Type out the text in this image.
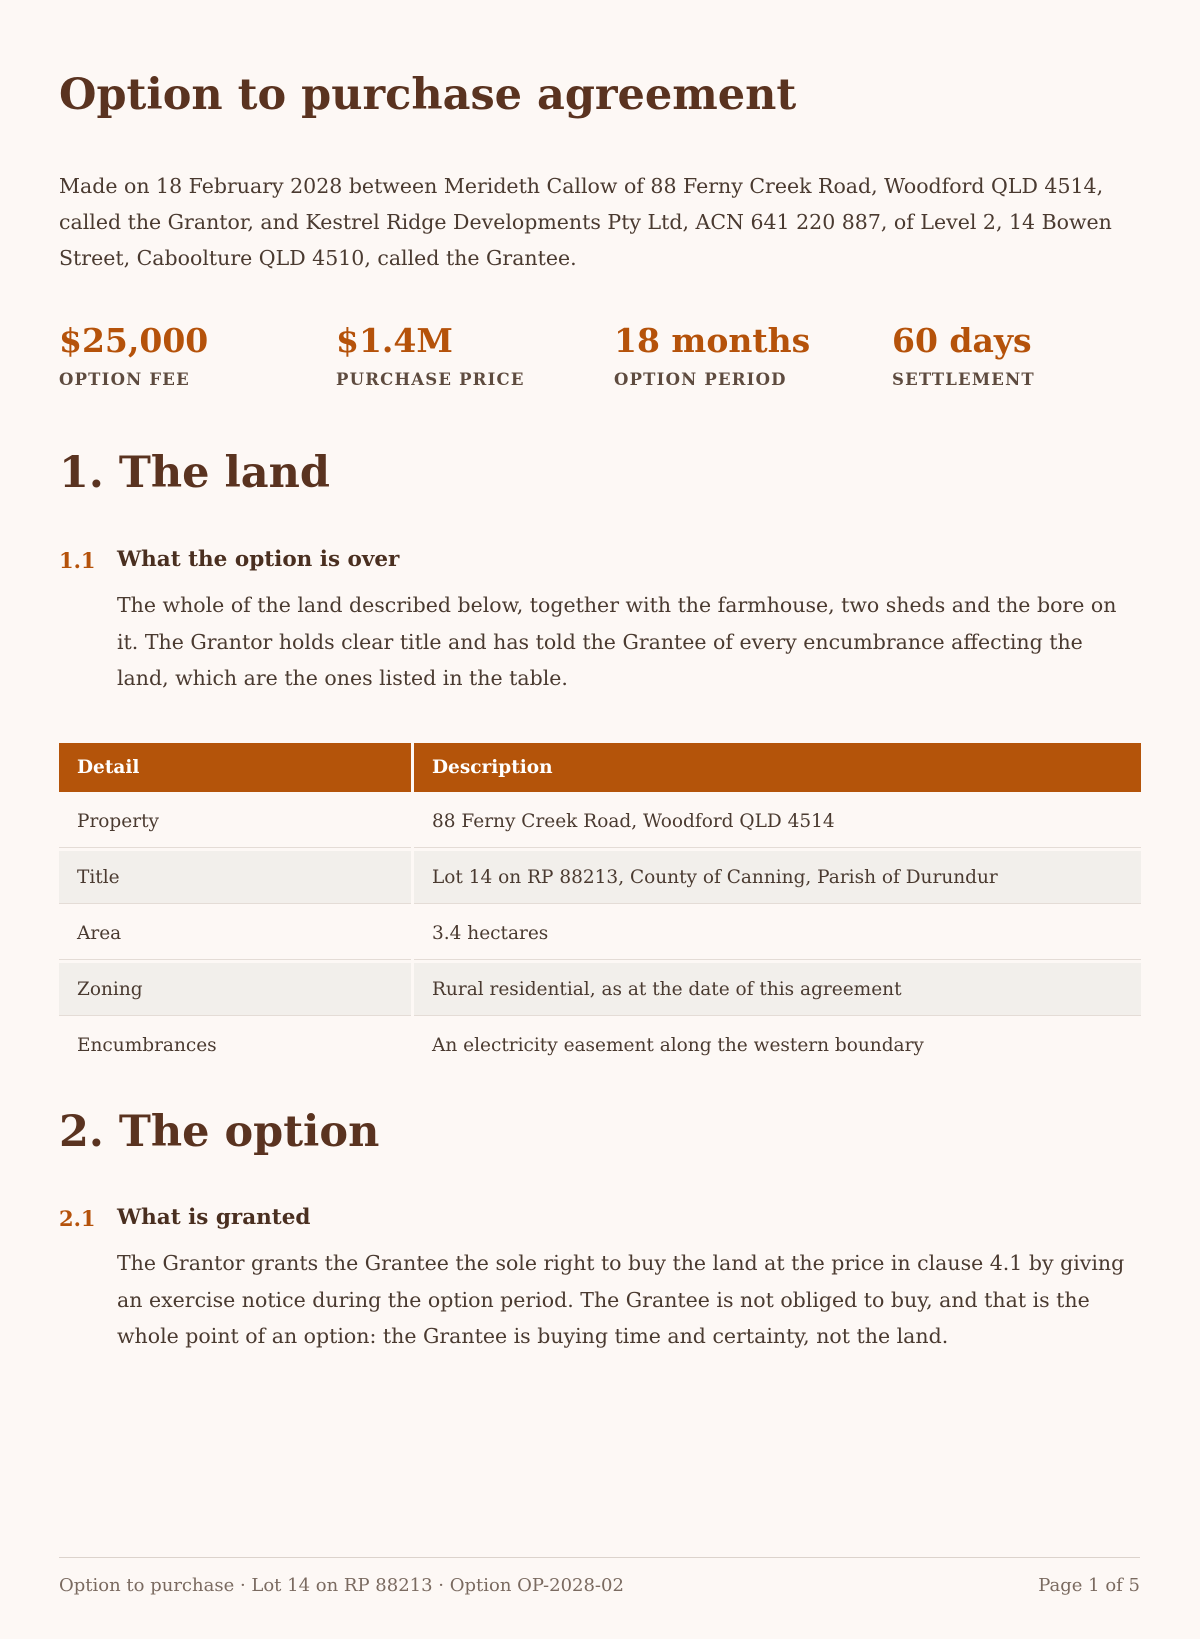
Option to purchase agreement

Made on 18 February 2028 between Merideth Callow of 88 Ferny Creek Road, Woodford QLD 4514, called the Grantor, and Kestrel Ridge Developments Pty Ltd, ACN 641 220 887, of Level 2, 14 Bowen Street, Caboolture QLD 4510, called the Grantee.

$25,000
OPTION FEE
$1.4M
PURCHASE PRICE
18 months
OPTION PERIOD
60 days
SETTLEMENT
1. The land
1.1 What the option is over

The whole of the land described below, together with the farmhouse, two sheds and the bore on it. The Grantor holds clear title and has told the Grantee of every encumbrance affecting the land, which are the ones listed in the table.

Detail	Description
Property	88 Ferny Creek Road, Woodford QLD 4514
Title	Lot 14 on RP 88213, County of Canning, Parish of Durundur
Area	3.4 hectares
Zoning	Rural residential, as at the date of this agreement
Encumbrances	An electricity easement along the western boundary
2. The option
2.1 What is granted

The Grantor grants the Grantee the sole right to buy the land at the price in clause 4.1 by giving an exercise notice during the option period. The Grantee is not obliged to buy, and that is the whole point of an option: the Grantee is buying time and certainty, not the land.

Option to purchase · Lot 14 on RP 88213 · Option OP-2028-02	Page 1 of 5
